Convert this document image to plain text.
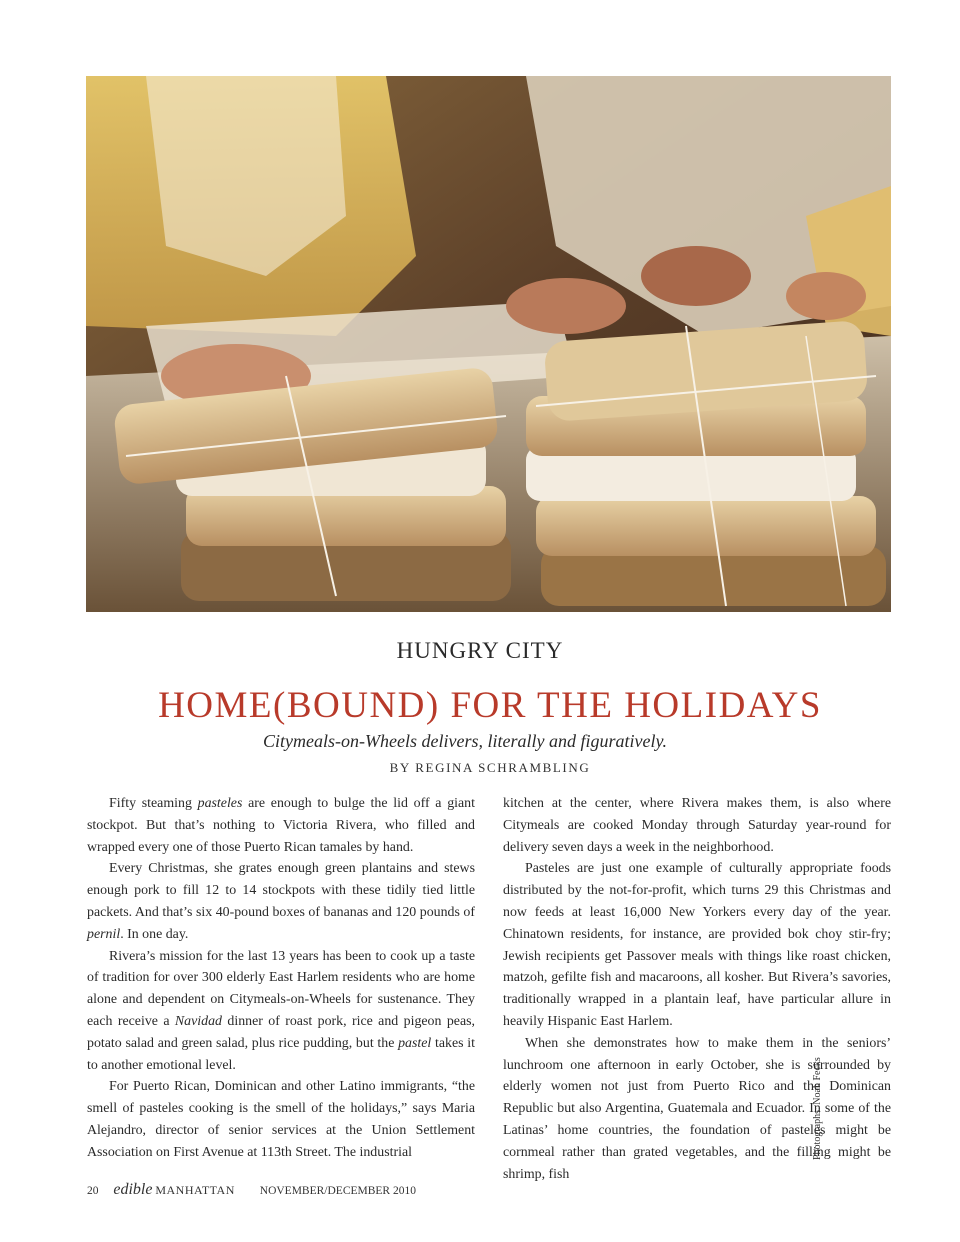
HUNGRY CITY
HOME(BOUND) FOR THE HOLIDAYS
Citymeals-on-Wheels delivers, literally and figuratively.
BY REGINA SCHRAMBLING

Fifty steaming pasteles are enough to bulge the lid off a giant stockpot. But that’s nothing to Victoria Rivera, who filled and wrapped every one of those Puerto Rican tamales by hand.

Every Christmas, she grates enough green plantains and stews enough pork to fill 12 to 14 stockpots with these tidily tied little packets. And that’s six 40-pound boxes of bananas and 120 pounds of pernil. In one day.

Rivera’s mission for the last 13 years has been to cook up a taste of tradition for over 300 elderly East Harlem residents who are home alone and dependent on Citymeals-on-Wheels for sustenance. They each receive a Navidad dinner of roast pork, rice and pigeon peas, potato salad and green salad, plus rice pudding, but the pastel takes it to another emotional level.

For Puerto Rican, Dominican and other Latino immigrants, “the smell of pasteles cooking is the smell of the holidays,” says Maria Alejandro, director of senior services at the Union Settlement Association on First Avenue at 113th Street. The industrial

kitchen at the center, where Rivera makes them, is also where Citymeals are cooked Monday through Saturday year-round for delivery seven days a week in the neighborhood.

Pasteles are just one example of culturally appropriate foods distributed by the not-for-profit, which turns 29 this Christmas and now feeds at least 16,000 New Yorkers every day of the year. Chinatown residents, for instance, are provided bok choy stir-fry; Jewish recipients get Passover meals with things like roast chicken, matzoh, gefilte fish and macaroons, all kosher. But Rivera’s savories, traditionally wrapped in a plantain leaf, have particular allure in heavily Hispanic East Harlem.

When she demonstrates how to make them in the seniors’ lunchroom one afternoon in early October, she is surrounded by elderly women not just from Puerto Rico and the Dominican Republic but also Argentina, Guatemala and Ecuador. In some of the Latinas’ home countries, the foundation of pasteles might be cornmeal rather than grated vegetables, and the filling might be shrimp, fish

Photographs: Noah Fecks
20 edible MANHATTAN NOVEMBER/DECEMBER 2010
